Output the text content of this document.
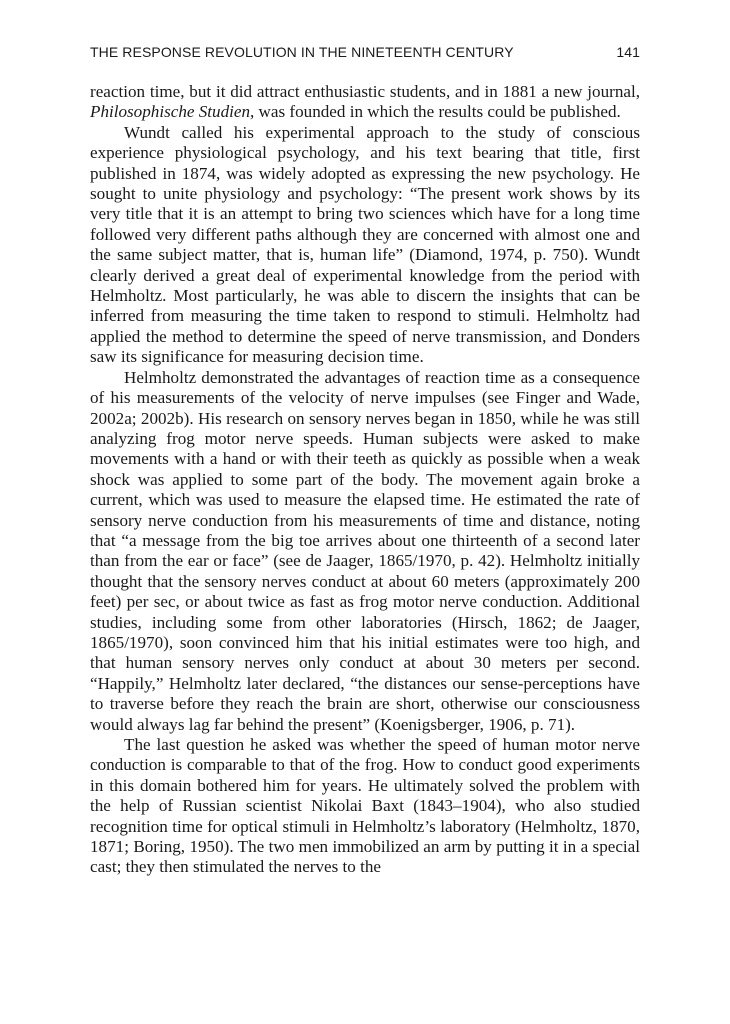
THE RESPONSE REVOLUTION IN THE NINETEENTH CENTURY	141

reaction time, but it did attract enthusiastic students, and in 1881 a new journal, Philosophische Studien, was founded in which the results could be published.

Wundt called his experimental approach to the study of conscious experience physiological psychology, and his text bearing that title, first published in 1874, was widely adopted as expressing the new psychology. He sought to unite physiology and psychology: “The present work shows by its very title that it is an attempt to bring two sciences which have for a long time followed very different paths although they are concerned with almost one and the same subject matter, that is, human life” (Diamond, 1974, p. 750). Wundt clearly derived a great deal of experimental knowledge from the period with Helmholtz. Most particularly, he was able to discern the insights that can be inferred from measuring the time taken to respond to stimuli. Helmholtz had applied the method to determine the speed of nerve transmission, and Donders saw its significance for measuring decision time.

Helmholtz demonstrated the advantages of reaction time as a consequence of his measurements of the velocity of nerve impulses (see Finger and Wade, 2002a; 2002b). His research on sensory nerves began in 1850, while he was still analyzing frog motor nerve speeds. Human subjects were asked to make movements with a hand or with their teeth as quickly as possible when a weak shock was applied to some part of the body. The movement again broke a current, which was used to measure the elapsed time. He estimated the rate of sensory nerve conduction from his measurements of time and distance, noting that “a message from the big toe arrives about one thirteenth of a second later than from the ear or face” (see de Jaager, 1865/1970, p. 42). Helmholtz initially thought that the sensory nerves conduct at about 60 meters (approximately 200 feet) per sec, or about twice as fast as frog motor nerve conduction. Additional studies, including some from other laboratories (Hirsch, 1862; de Jaager, 1865/1970), soon convinced him that his initial estimates were too high, and that human sensory nerves only conduct at about 30 meters per second. “Happily,” Helmholtz later declared, “the distances our sense-perceptions have to traverse before they reach the brain are short, otherwise our consciousness would always lag far behind the present” (Koenigsberger, 1906, p. 71).

The last question he asked was whether the speed of human motor nerve conduction is comparable to that of the frog. How to conduct good experiments in this domain bothered him for years. He ultimately solved the problem with the help of Russian scientist Nikolai Baxt (1843–1904), who also studied recognition time for optical stimuli in Helmholtz’s laboratory (Helmholtz, 1870, 1871; Boring, 1950). The two men immobilized an arm by putting it in a special cast; they then stimulated the nerves to the
